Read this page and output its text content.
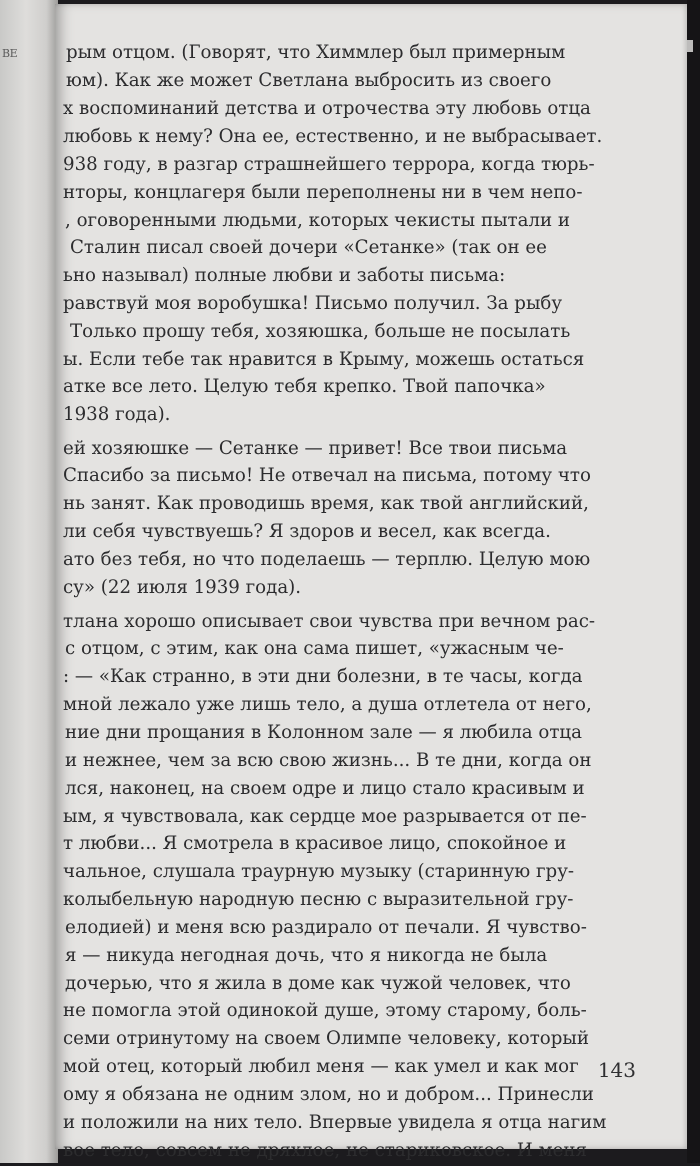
ВЕ	рым отцом. (Говорят, что Химмлер был примерным
юм). Как же может Светлана выбросить из своего
х воспоминаний детства и отрочества эту любовь отца
любовь к нему? Она ее, естественно, и не выбрасывает.
938 году, в разгар страшнейшего террора, когда тюрь-
нторы, концлагеря были переполнены ни в чем непо-
, оговоренными людьми, которых чекисты пытали и
Сталин писал своей дочери «Сетанке» (так он ее
ьно называл) полные любви и заботы письма:
равствуй моя воробушка! Письмо получил. За рыбу
Только прошу тебя, хозяюшка, больше не посылать
ы. Если тебе так нравится в Крыму, можешь остаться
атке все лето. Целую тебя крепко. Твой папочка»
1938 года).
ей хозяюшке — Сетанке — привет! Все твои письма
Спасибо за письмо! Не отвечал на письма, потому что
нь занят. Как проводишь время, как твой английский,
ли себя чувствуешь? Я здоров и весел, как всегда.
ато без тебя, но что поделаешь — терплю. Целую мою
су» (22 июля 1939 года).
тлана хорошо описывает свои чувства при вечном рас-
с отцом, с этим, как она сама пишет, «ужасным че-
: — «Как странно, в эти дни болезни, в те часы, когда
мной лежало уже лишь тело, а душа отлетела от него,
ние дни прощания в Колонном зале — я любила отца
и нежнее, чем за всю свою жизнь... В те дни, когда он
лся, наконец, на своем одре и лицо стало красивым и
ым, я чувствовала, как сердце мое разрывается от пе-
т любви... Я смотрела в красивое лицо, спокойное и
чальное, слушала траурную музыку (старинную гру-
колыбельную народную песню с выразительной гру-
елодией) и меня всю раздирало от печали. Я чувство-
я — никуда негодная дочь, что я никогда не была
дочерью, что я жила в доме как чужой человек, что
не помогла этой одинокой душе, этому старому, боль-
семи отринутому на своем Олимпе человеку, который
мой отец, который любил меня — как умел и как мог
ому я обязана не одним злом, но и добром... Принесли
и положили на них тело. Впервые увидела я отца нагим
вое тело, совсем не дряхлое, не стариковское. И меня
143
